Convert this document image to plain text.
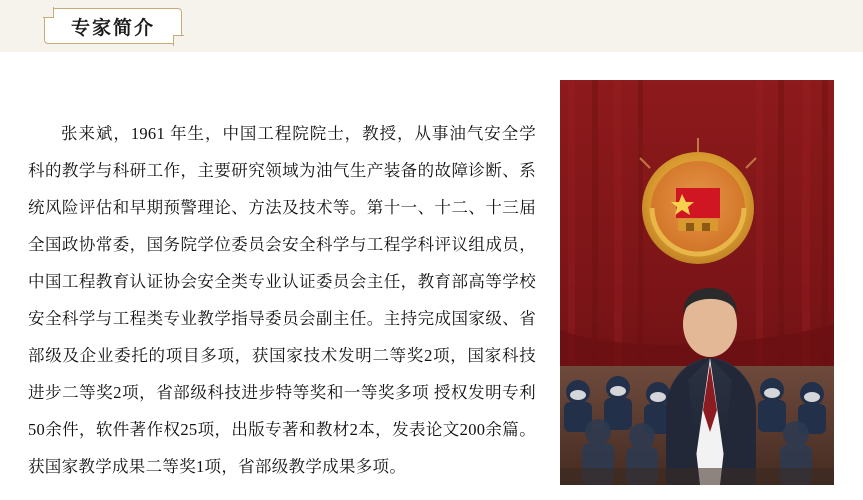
专家简介

张来斌，1961 年生，中国工程院院士，教授，从事油气安全学科的教学与科研工作，主要研究领域为油气生产装备的故障诊断、系统风险评估和早期预警理论、方法及技术等。第十一、十二、十三届全国政协常委，国务院学位委员会安全科学与工程学科评议组成员，中国工程教育认证协会安全类专业认证委员会主任，教育部高等学校安全科学与工程类专业教学指导委员会副主任。主持完成国家级、省部级及企业委托的项目多项，获国家技术发明二等奖2项，国家科技进步二等奖2项，省部级科技进步特等奖和一等奖多项 授权发明专利50余件，软件著作权25项，出版专著和教材2本，发表论文200余篇。获国家教学成果二等奖1项，省部级教学成果多项。
